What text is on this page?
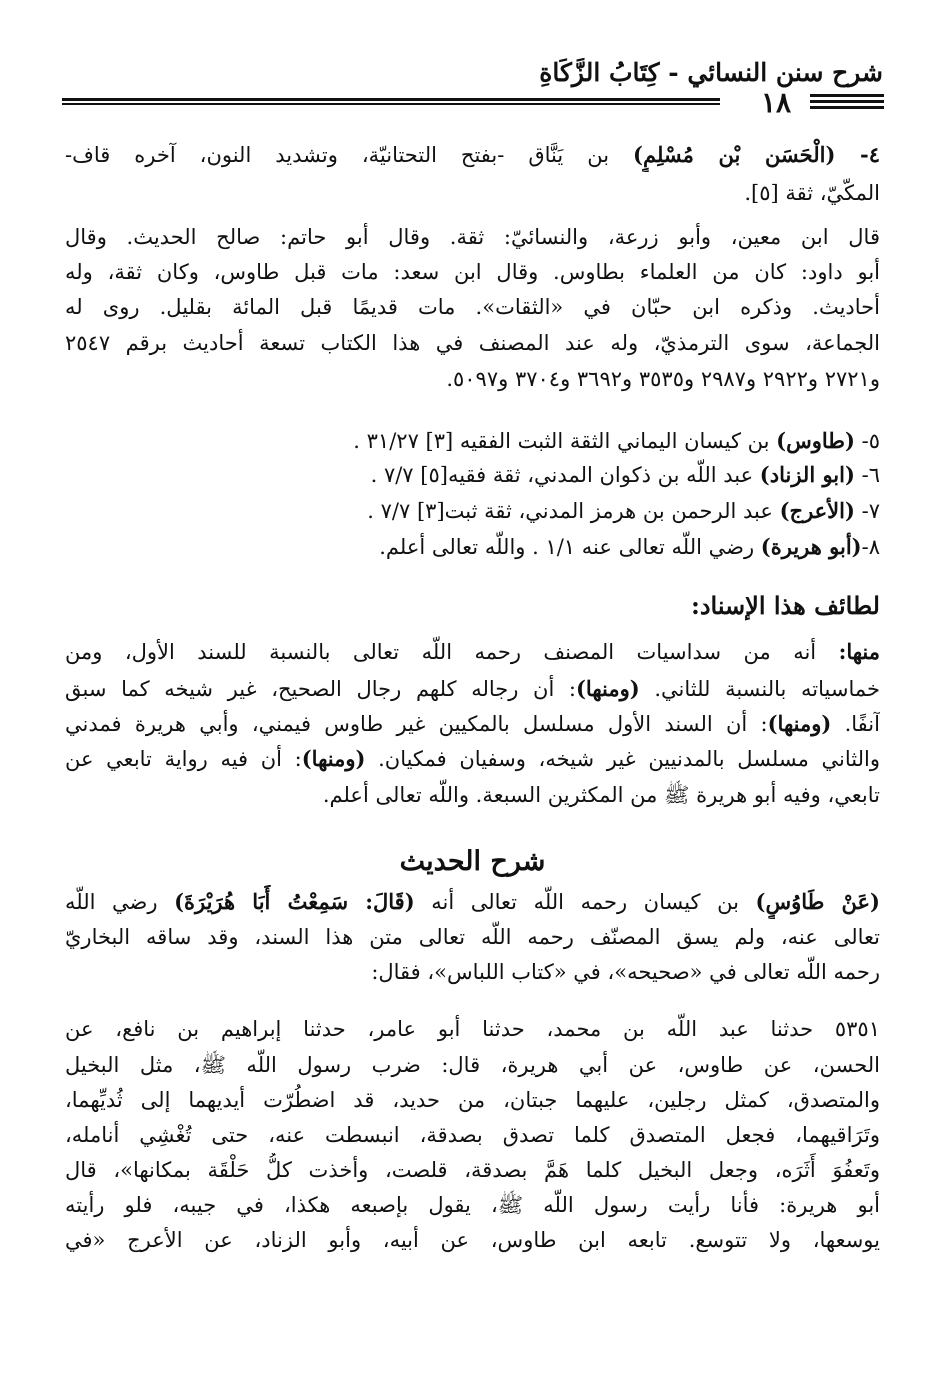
شرح سنن النسائي - كِتَابُ الزَّكَاةِ
١٨
لطائف هذا الإسناد:
شرح الحديث
٤- (الْحَسَن بْن مُسْلِمٍ) بن يَنَّاق -بفتح التحتانيّة، وتشديد النون، آخره قاف-
المكّيّ، ثقة [٥].
قال ابن معين، وأبو زرعة، والنسائيّ: ثقة. وقال أبو حاتم: صالح الحديث. وقال
أبو داود: كان من العلماء بطاوس. وقال ابن سعد: مات قبل طاوس، وكان ثقة، وله
أحاديث. وذكره ابن حبّان في «الثقات». مات قديمًا قبل المائة بقليل. روى له
الجماعة، سوى الترمذيّ، وله عند المصنف في هذا الكتاب تسعة أحاديث برقم ٢٥٤٧
و٢٧٢١ و٢٩٢٢ و٢٩٨٧ و٣٥٣٥ و٣٦٩٢ و٣٧٠٤ و٥٠٩٧.
٥- (طاوس) بن كيسان اليماني الثقة الثبت الفقيه [٣] ٣١/٢٧ .
٦- (ابو الزناد) عبد اللّه بن ذكوان المدني، ثقة فقيه[٥] ٧/٧ .
٧- (الأعرج) عبد الرحمن بن هرمز المدني، ثقة ثبت[٣] ٧/٧ .
٨-(أبو هريرة) رضي اللّه تعالى عنه ١/١ . واللّه تعالى أعلم.
منها: أنه من سداسيات المصنف رحمه اللّه تعالى بالنسبة للسند الأول، ومن
خماسياته بالنسبة للثاني. (ومنها): أن رجاله كلهم رجال الصحيح، غير شيخه كما سبق
آنفًا. (ومنها): أن السند الأول مسلسل بالمكيين غير طاوس فيمني، وأبي هريرة فمدني
والثاني مسلسل بالمدنيين غير شيخه، وسفيان فمكيان. (ومنها): أن فيه رواية تابعي عن
تابعي، وفيه أبو هريرة ﷺ من المكثرين السبعة. واللّه تعالى أعلم.
(عَنْ طَاوُسٍ) بن كيسان رحمه اللّه تعالى أنه (قَالَ: سَمِعْتُ أَبَا هُرَيْرَةَ) رضي اللّه
تعالى عنه، ولم يسق المصنّف رحمه اللّه تعالى متن هذا السند، وقد ساقه البخاريّ
رحمه اللّه تعالى في «صحيحه»، في «كتاب اللباس»، فقال:
٥٣٥١ حدثنا عبد اللّه بن محمد، حدثنا أبو عامر، حدثنا إبراهيم بن نافع، عن
الحسن، عن طاوس، عن أبي هريرة، قال: ضرب رسول اللّه ﷺ، مثل البخيل
والمتصدق، كمثل رجلين، عليهما جبتان، من حديد، قد اضطُرّت أيديهما إلى ثُديِّهما،
وتَرَاقيهما، فجعل المتصدق كلما تصدق بصدقة، انبسطت عنه، حتى تُغْشِي أنامله،
وتَعفُوَ أَثَرَه، وجعل البخيل كلما هَمَّ بصدقة، قلصت، وأخذت كلُّ حَلْقَة بمكانها»، قال
أبو هريرة: فأنا رأيت رسول اللّه ﷺ، يقول بإصبعه هكذا، في جيبه، فلو رأيته
يوسعها، ولا تتوسع. تابعه ابن طاوس، عن أبيه، وأبو الزناد، عن الأعرج «في
